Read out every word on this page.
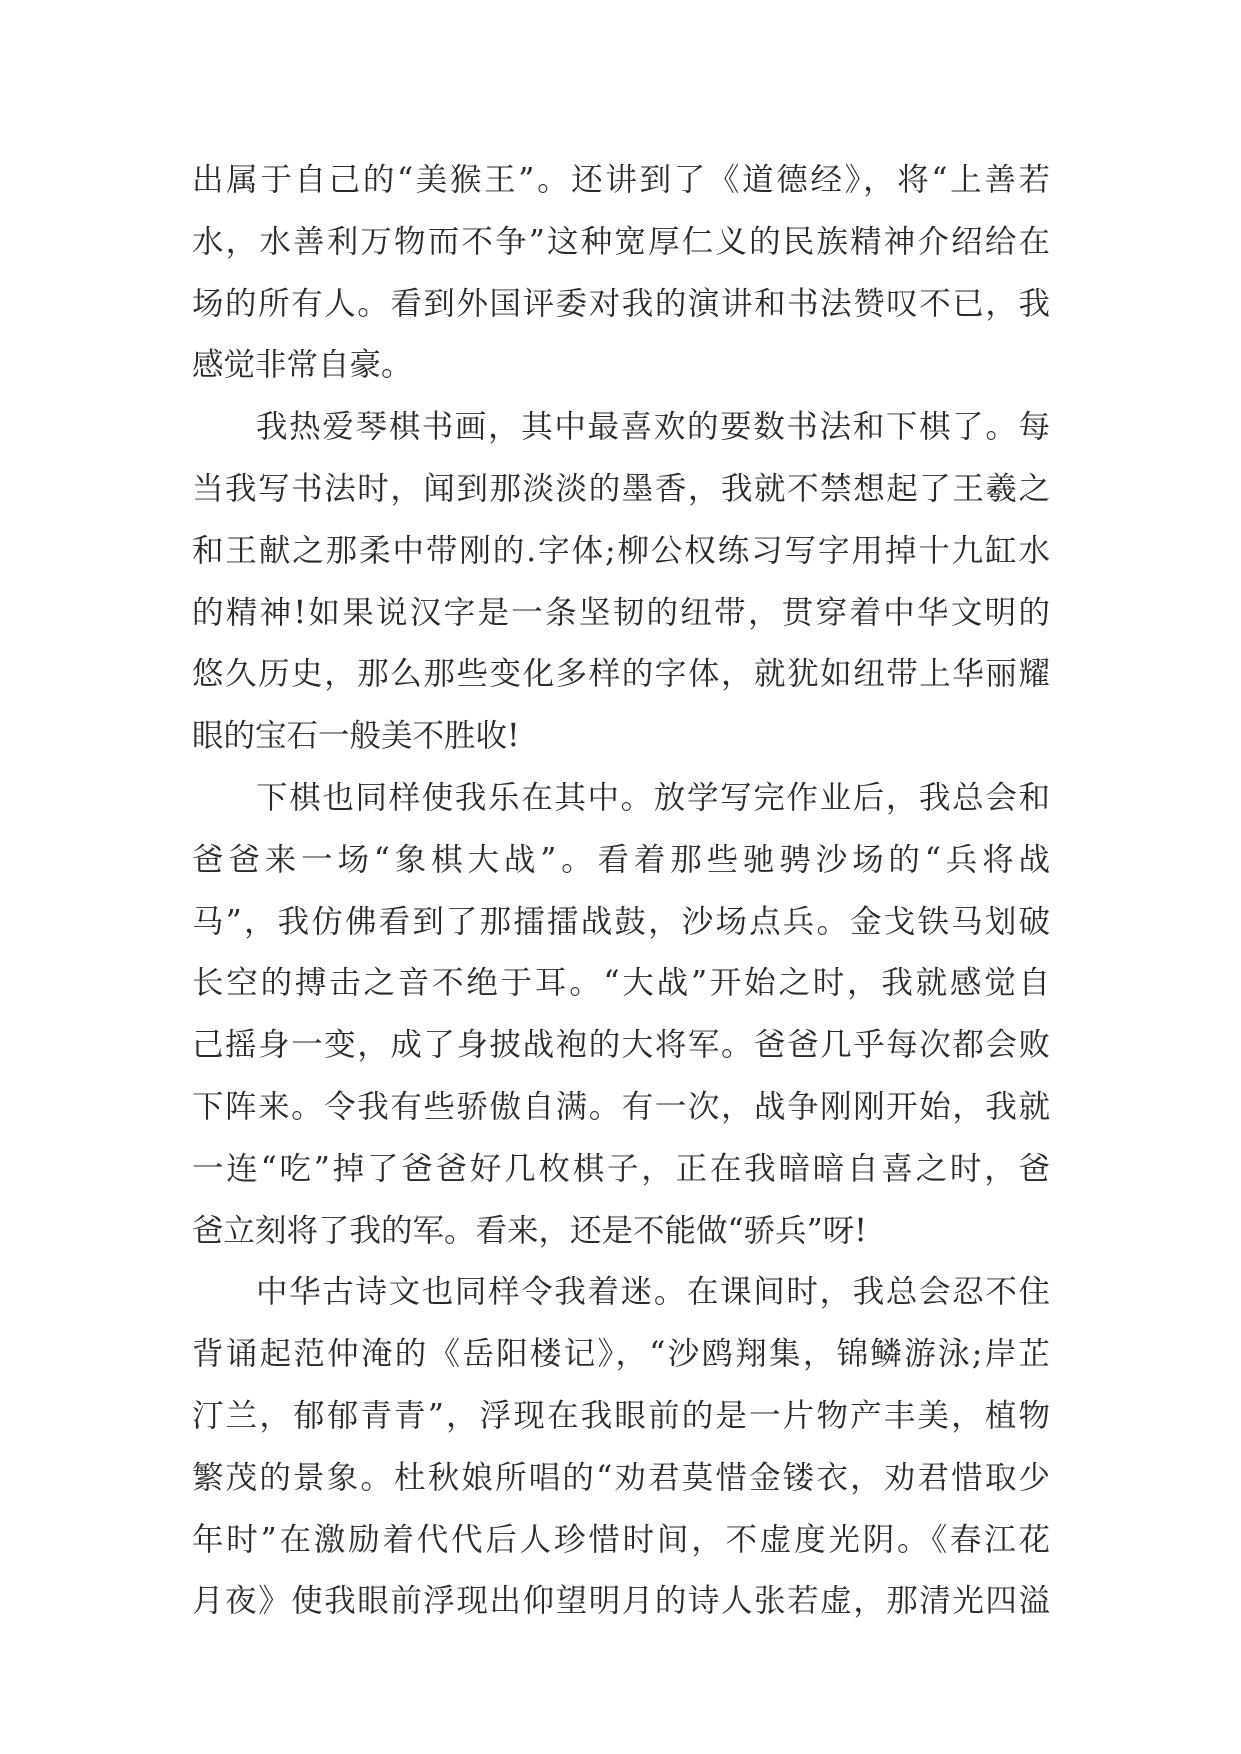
出属于自己的“美猴王”。还讲到了《道德经》，将“上善若
水，水善利万物而不争”这种宽厚仁义的民族精神介绍给在
场的所有人。看到外国评委对我的演讲和书法赞叹不已，我
感觉非常自豪。
我热爱琴棋书画，其中最喜欢的要数书法和下棋了。每
当我写书法时，闻到那淡淡的墨香，我就不禁想起了王羲之
和王献之那柔中带刚的.字体;柳公权练习写字用掉十九缸水
的精神!如果说汉字是一条坚韧的纽带，贯穿着中华文明的
悠久历史，那么那些变化多样的字体，就犹如纽带上华丽耀
眼的宝石一般美不胜收!
下棋也同样使我乐在其中。放学写完作业后，我总会和
爸爸来一场“象棋大战”。看着那些驰骋沙场的“兵将战
马”，我仿佛看到了那擂擂战鼓，沙场点兵。金戈铁马划破
长空的搏击之音不绝于耳。“大战”开始之时，我就感觉自
己摇身一变，成了身披战袍的大将军。爸爸几乎每次都会败
下阵来。令我有些骄傲自满。有一次，战争刚刚开始，我就
一连“吃”掉了爸爸好几枚棋子，正在我暗暗自喜之时，爸
爸立刻将了我的军。看来，还是不能做“骄兵”呀!
中华古诗文也同样令我着迷。在课间时，我总会忍不住
背诵起范仲淹的《岳阳楼记》，“沙鸥翔集，锦鳞游泳;岸芷
汀兰，郁郁青青”，浮现在我眼前的是一片物产丰美，植物
繁茂的景象。杜秋娘所唱的“劝君莫惜金镂衣，劝君惜取少
年时”在激励着代代后人珍惜时间，不虚度光阴。《春江花
月夜》使我眼前浮现出仰望明月的诗人张若虚，那清光四溢
